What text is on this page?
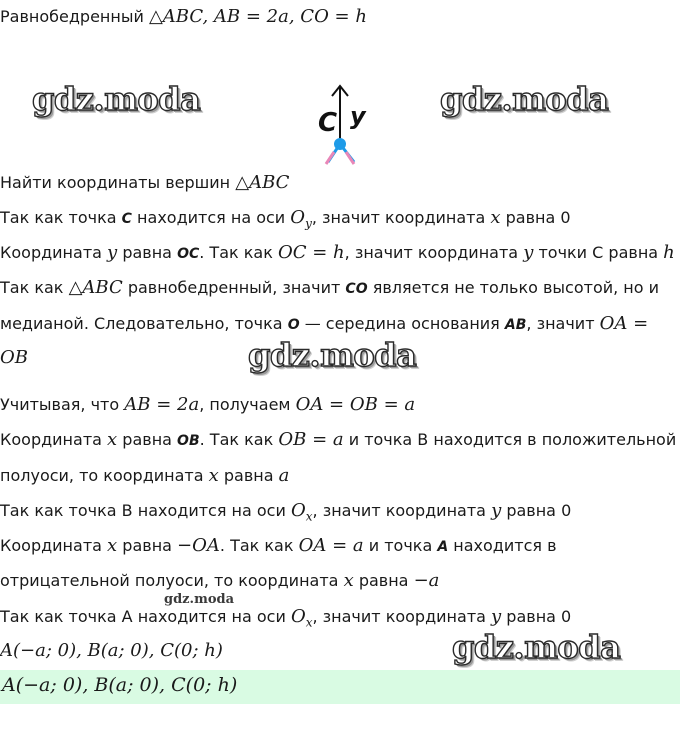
Равнобедренный △ABC, AB = 2a, CO = h
gdz.moda	gdz.moda
C y
Найти координаты вершин △ABC
Так как точка C находится на оси $O_y$, значит координата x равна 0
Координата y равна OC. Так как OC = h, значит координата y точки С равна h
Так как △ABC равнобедренный, значит CO является не только высотой, но и
медианой. Следовательно, точка O — середина основания AB, значит OA =
OB	gdz.moda
Учитывая, что AB = 2a, получаем OA = OB = a
Координата x равна OB. Так как OB = a и точка В находится в положительной
полуоси, то координата x равна a
Так как точка В находится на оси $O_x$, значит координата y равна 0
Координата x равна −OA. Так как OA = a и точка A находится в
отрицательной полуоси, то координата x равна −a
gdz.moda
Так как точка А находится на оси $O_x$, значит координата y равна 0
A(−a; 0), B(a; 0), C(0; h)	gdz.moda
A(−a; 0), B(a; 0), C(0; h)
